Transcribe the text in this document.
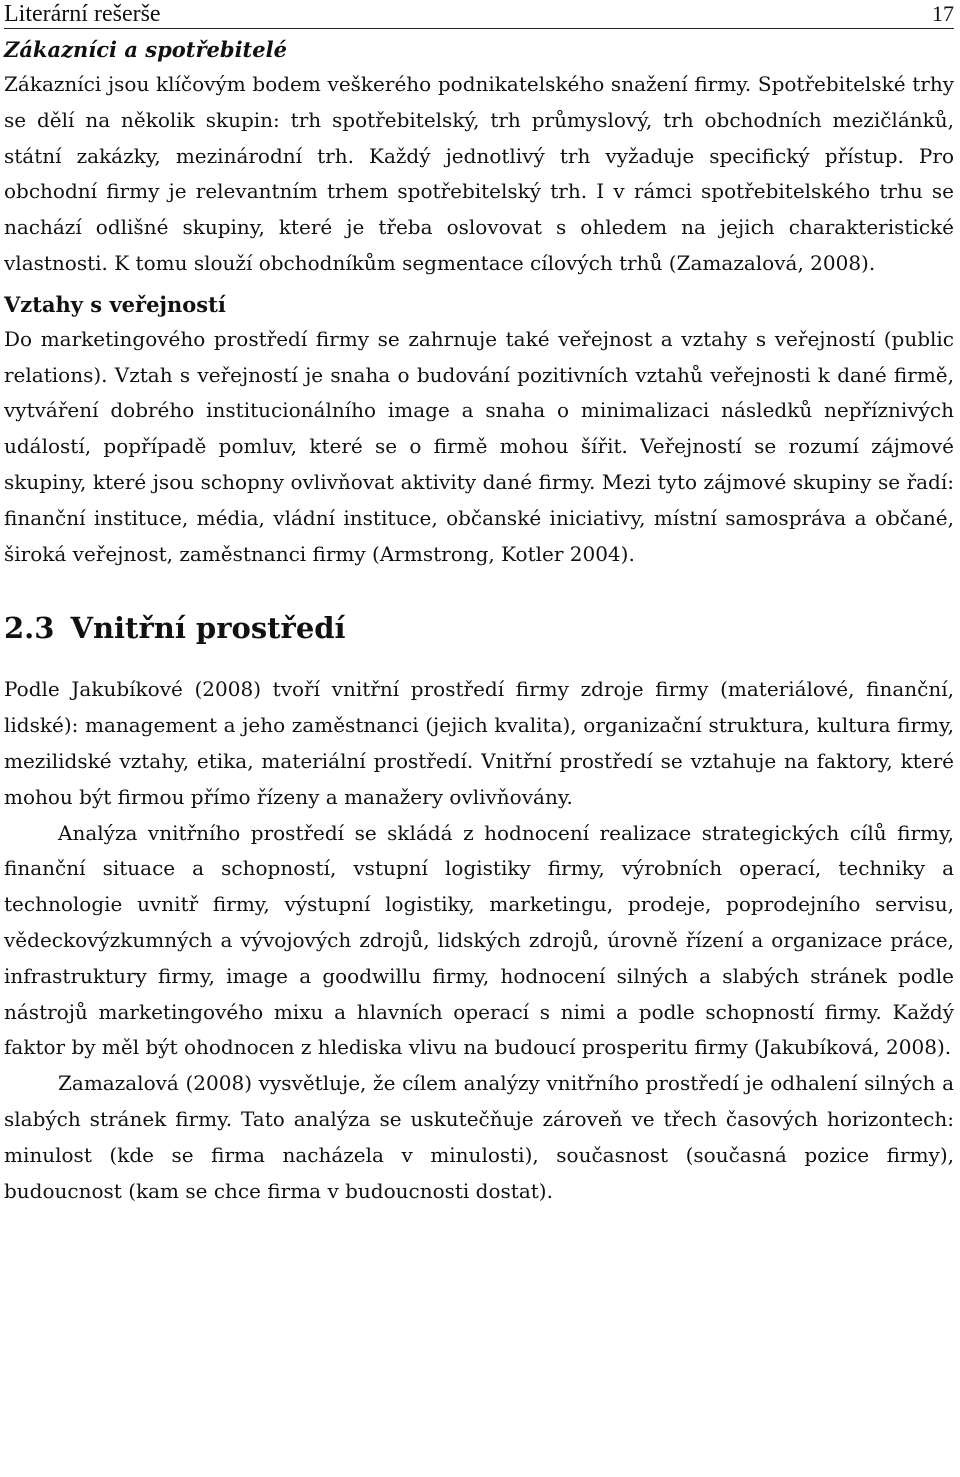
Literární rešerše	17
Zákazníci a spotřebitelé

Zákazníci jsou klíčovým bodem veškerého podnikatelského snažení firmy. Spotřebitelské trhy se dělí na několik skupin: trh spotřebitelský, trh průmyslový, trh obchodních mezičlánků, státní zakázky, mezinárodní trh. Každý jednotlivý trh vyžaduje specifický přístup. Pro obchodní firmy je relevantním trhem spotřebitelský trh. I v rámci spotřebitelského trhu se nachází odlišné skupiny, které je třeba oslovovat s ohledem na jejich charakteristické vlastnosti. K tomu slouží obchodníkům segmentace cílových trhů (Zamazalová, 2008).

Vztahy s veřejností

Do marketingového prostředí firmy se zahrnuje také veřejnost a vztahy s veřejností (public relations). Vztah s veřejností je snaha o budování pozitivních vztahů veřejnosti k dané firmě, vytváření dobrého institucionálního image a snaha o minimalizaci následků nepříznivých událostí, popřípadě pomluv, které se o firmě mohou šířit. Veřejností se rozumí zájmové skupiny, které jsou schopny ovlivňovat aktivity dané firmy. Mezi tyto zájmové skupiny se řadí: finanční instituce, média, vládní instituce, občanské iniciativy, místní samospráva a občané, široká veřejnost, zaměstnanci firmy (Armstrong, Kotler 2004).

2.3 Vnitřní prostředí

Podle Jakubíkové (2008) tvoří vnitřní prostředí firmy zdroje firmy (materiálové, finanční, lidské): management a jeho zaměstnanci (jejich kvalita), organizační struktura, kultura firmy, mezilidské vztahy, etika, materiální prostředí. Vnitřní prostředí se vztahuje na faktory, které mohou být firmou přímo řízeny a manažery ovlivňovány.

Analýza vnitřního prostředí se skládá z hodnocení realizace strategických cílů firmy, finanční situace a schopností, vstupní logistiky firmy, výrobních operací, techniky a technologie uvnitř firmy, výstupní logistiky, marketingu, prodeje, poprodejního servisu, vědeckovýzkumných a vývojových zdrojů, lidských zdrojů, úrovně řízení a organizace práce, infrastruktury firmy, image a goodwillu firmy, hodnocení silných a slabých stránek podle nástrojů marketingového mixu a hlavních operací s nimi a podle schopností firmy. Každý faktor by měl být ohodnocen z hlediska vlivu na budoucí prosperitu firmy (Jakubíková, 2008).

Zamazalová (2008) vysvětluje, že cílem analýzy vnitřního prostředí je odhalení silných a slabých stránek firmy. Tato analýza se uskutečňuje zároveň ve třech časových horizontech: minulost (kde se firma nacházela v minulosti), současnost (současná pozice firmy), budoucnost (kam se chce firma v budoucnosti dostat).
